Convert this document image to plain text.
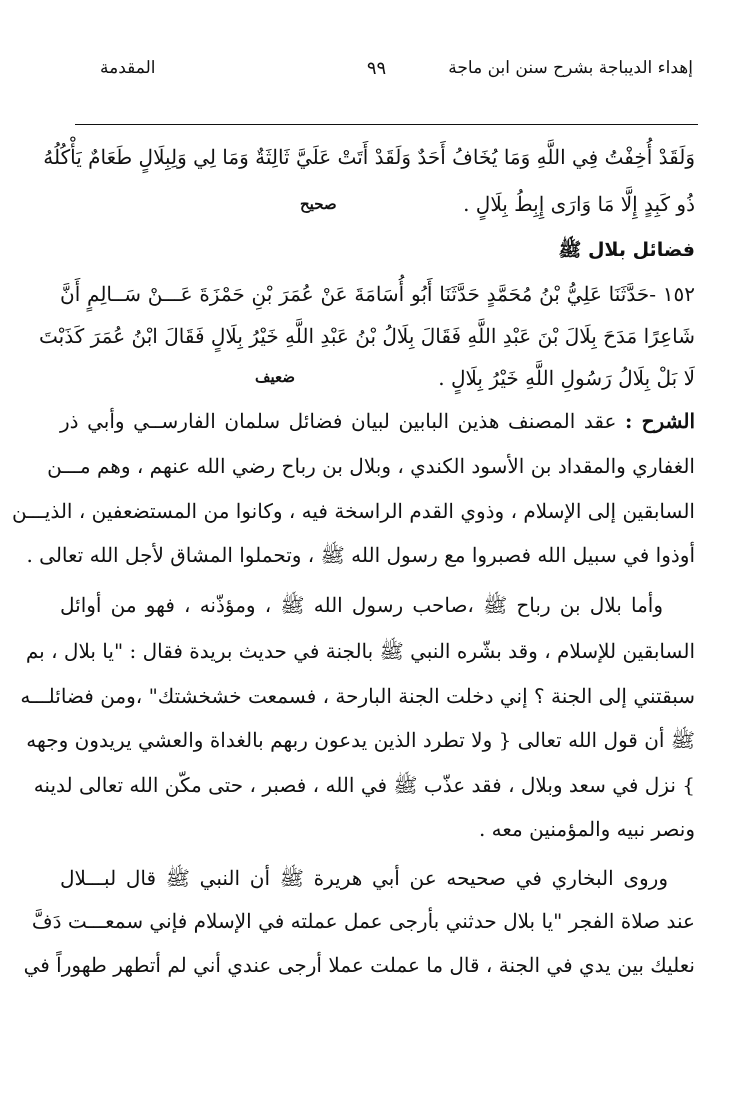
إهداء الديباجة بشرح سنن ابن ماجة
٩٩
المقدمة
وَلَقَدْ أُخِفْتُ فِي اللَّهِ وَمَا يُخَافُ أَحَدٌ وَلَقَدْ أَتَتْ عَلَيَّ ثَالِثَةٌ وَمَا لِي وَلِبِلَالٍ طَعَامٌ يَأْكُلُهُ
ذُو كَبِدٍ إِلَّا مَا وَارَى إِبِطُ بِلَالٍ .
صحيح
فضائل بلال ﷺ
١٥٢ -حَدَّثَنَا عَلِيُّ بْنُ مُحَمَّدٍ حَدَّثَنَا أَبُو أُسَامَةَ عَنْ عُمَرَ بْنِ حَمْزَةَ عَـــنْ سَــالِمٍ أَنَّ
شَاعِرًا مَدَحَ بِلَالَ بْنَ عَبْدِ اللَّهِ فَقَالَ بِلَالُ بْنُ عَبْدِ اللَّهِ خَيْرُ بِلَالٍ فَقَالَ ابْنُ عُمَرَ كَذَبْتَ
لَا بَلْ بِلَالُ رَسُولِ اللَّهِ خَيْرُ بِلَالٍ .
ضعيف
الشرح : عقد المصنف هذين البابين لبيان فضائل سلمان الفارســي وأبي ذر
الغفاري والمقداد بن الأسود الكندي ، وبلال بن رباح رضي الله عنهم ، وهم مـــن
السابقين إلى الإسلام ، وذوي القدم الراسخة فيه ، وكانوا من المستضعفين ، الذيـــن
أوذوا في سبيل الله فصبروا مع رسول الله ﷺ ، وتحملوا المشاق لأجل الله تعالى .
وأما بلال بن رباح ﷺ ،صاحب رسول الله ﷺ ، ومؤذّنه ، فهو من أوائل
السابقين للإسلام ، وقد بشّره النبي ﷺ بالجنة في حديث بريدة فقال : "يا بلال ، بم
سبقتني إلى الجنة ؟ إني دخلت الجنة البارحة ، فسمعت خشخشتك" ،ومن فضائلـــه
ﷺ أن قول الله تعالى { ولا تطرد الذين يدعون ربهم بالغداة والعشي يريدون وجهه
} نزل في سعد وبلال ، فقد عذّب ﷺ في الله ، فصبر ، حتى مكّن الله تعالى لدينه
ونصر نبيه والمؤمنين معه .
وروى البخاري في صحيحه عن أبي هريرة ﷺ أن النبي ﷺ قال لبـــلال
عند صلاة الفجر "يا بلال حدثني بأرجى عمل عملته في الإسلام فإني سمعـــت دَفَّ
نعليك بين يدي في الجنة ، قال ما عملت عملا أرجى عندي أني لم أتطهر طهوراً في
